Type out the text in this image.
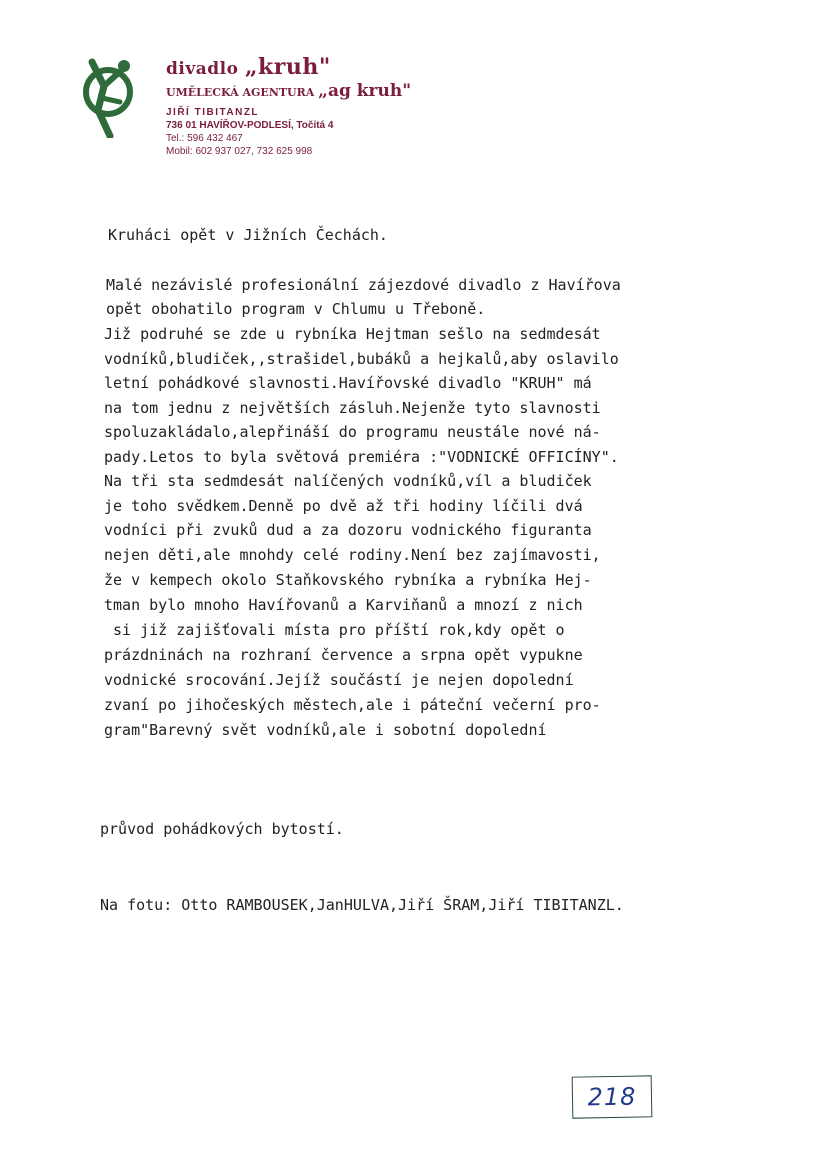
divadlo „kruh"
UMĚLECKÁ AGENTURA „ag kruh"
JIŘÍ TIBITANZL
736 01 HAVÍŘOV-PODLESÍ, Točitá 4
Tel.: 596 432 467
Mobil: 602 937 027, 732 625 998

Kruháci opět v Jižních Čechách.

Malé nezávislé profesionální zájezdové divadlo z Havířova

opět obohatilo program v Chlumu u Třeboně.

Již podruhé se zde u rybníka Hejtman sešlo na sedmdesát

vodníků,bludiček,,strašidel,bubáků a hejkalů,aby oslavilo

letní pohádkové slavnosti.Havířovské divadlo "KRUH" má

na tom jednu z největších zásluh.Nejenže tyto slavnosti

spoluzakládalo,alepřináší do programu neustále nové ná-

pady.Letos to byla světová premiéra :"VODNICKÉ OFFICÍNY".

Na tři sta sedmdesát nalíčených vodníků,víl a bludiček

je toho svědkem.Denně po dvě až tři hodiny líčili dvá

vodníci při zvuků dud a za dozoru vodnického figuranta

nejen děti,ale mnohdy celé rodiny.Není bez zajímavosti,

že v kempech okolo Staňkovského rybníka a rybníka Hej-

tman bylo mnoho Havířovanů a Karviňanů a mnozí z nich

si již zajišťovali místa pro příští rok,kdy opět o

prázdninách na rozhraní července a srpna opět vypukne

vodnické srocování.Jejíž součástí je nejen dopolední

zvaní po jihočeských městech,ale i páteční večerní pro-

gram"Barevný svět vodníků,ale i sobotní dopolední

průvod pohádkových bytostí.

Na fotu: Otto RAMBOUSEK,JanHULVA,Jiří ŠRAM,Jiří TIBITANZL.

218
